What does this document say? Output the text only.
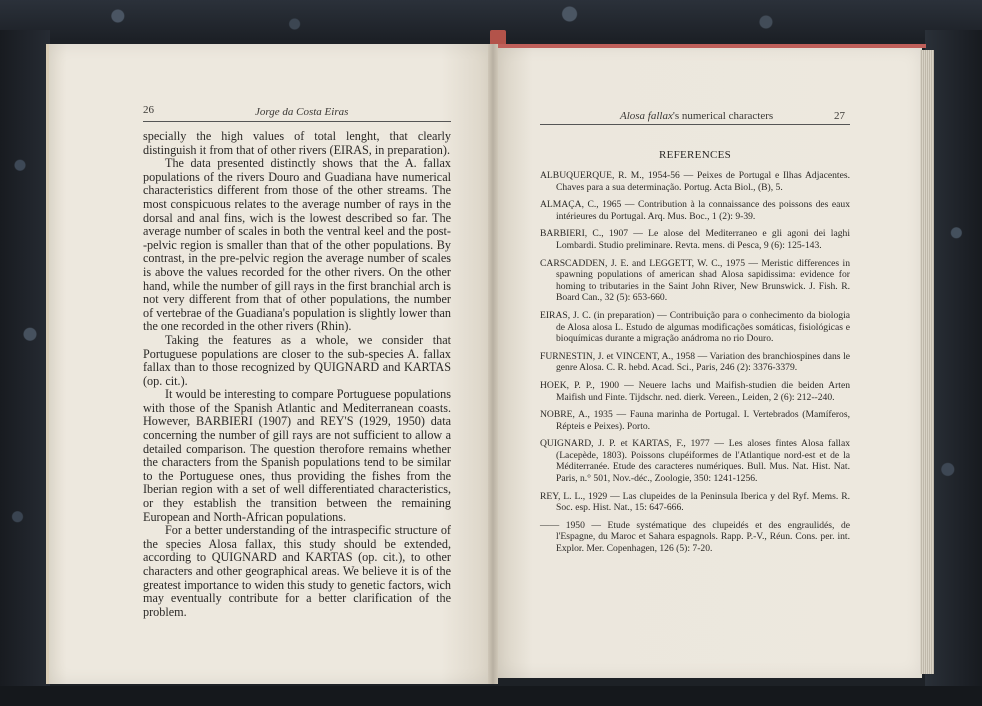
26	Jorge da Costa Eiras

specially the high values of total lenght, that clearly distinguish it from that of other rivers (EIRAS, in preparation).

The data presented distinctly shows that the A. fallax populations of the rivers Douro and Guadiana have numerical characteristics different from those of the other streams. The most conspicuous relates to the average number of rays in the dorsal and anal fins, wich is the lowest described so far. The average number of scales in both the ventral keel and the post--pelvic region is smaller than that of the other populations. By contrast, in the pre-pelvic region the average number of scales is above the values recorded for the other rivers. On the other hand, while the number of gill rays in the first branchial arch is not very different from that of other populations, the number of vertebrae of the Guadiana's population is slightly lower than the one recorded in the other rivers (Rhin).

Taking the features as a whole, we consider that Portuguese populations are closer to the sub-species A. fallax fallax than to those recognized by QUIGNARD and KARTAS (op. cit.).

It would be interesting to compare Portuguese populations with those of the Spanish Atlantic and Mediterranean coasts. However, BARBIERI (1907) and REY'S (1929, 1950) data concerning the number of gill rays are not sufficient to allow a detailed comparison. The question therofore remains whether the characters from the Spanish populations tend to be similar to the Portuguese ones, thus providing the fishes from the Iberian region with a set of well differentiated characteristics, or they establish the transition between the remaining European and North-African populations.

For a better understanding of the intraspecific structure of the species Alosa fallax, this study should be extended, according to QUIGNARD and KARTAS (op. cit.), to other characters and other geographical areas. We believe it is of the greatest importance to widen this study to genetic factors, wich may eventually contribute for a better clarification of the problem.

Alosa fallax's numerical characters	27
REFERENCES
ALBUQUERQUE, R. M., 1954-56 — Peixes de Portugal e Ilhas Adjacentes. Chaves para a sua determinação. Portug. Acta Biol., (B), 5.
ALMAÇA, C., 1965 — Contribution à la connaissance des poissons des eaux intérieures du Portugal. Arq. Mus. Boc., 1 (2): 9-39.
BARBIERI, C., 1907 — Le alose del Mediterraneo e gli agoni dei laghi Lombardi. Studio preliminare. Revta. mens. di Pesca, 9 (6): 125-143.
CARSCADDEN, J. E. and LEGGETT, W. C., 1975 — Meristic differences in spawning populations of american shad Alosa sapidissima: evidence for homing to tributaries in the Saint John River, New Brunswick. J. Fish. R. Board Can., 32 (5): 653-660.
EIRAS, J. C. (in preparation) — Contribuição para o conhecimento da biologia de Alosa alosa L. Estudo de algumas modificações somáticas, fisiológicas e bioquímicas durante a migração anádroma no rio Douro.
FURNESTIN, J. et VINCENT, A., 1958 — Variation des branchiospines dans le genre Alosa. C. R. hebd. Acad. Sci., Paris, 246 (2): 3376-3379.
HOEK, P. P., 1900 — Neuere lachs und Maifish-studien die beiden Arten Maifish und Finte. Tijdschr. ned. dierk. Vereen., Leiden, 2 (6): 212--240.
NOBRE, A., 1935 — Fauna marinha de Portugal. I. Vertebrados (Mamíferos, Répteis e Peixes). Porto.
QUIGNARD, J. P. et KARTAS, F., 1977 — Les aloses fintes Alosa fallax (Lacepède, 1803). Poissons clupéiformes de l'Atlantique nord-est et de la Méditerranée. Etude des caracteres numériques. Bull. Mus. Nat. Hist. Nat. Paris, n.° 501, Nov.-déc., Zoologie, 350: 1241-1256.
REY, L. L., 1929 — Las clupeides de la Peninsula Iberica y del Ryf. Mems. R. Soc. esp. Hist. Nat., 15: 647-666.
—— 1950 — Etude systématique des clupeidés et des engraulidés, de l'Espagne, du Maroc et Sahara espagnols. Rapp. P.-V., Réun. Cons. per. int. Explor. Mer. Copenhagen, 126 (5): 7-20.
